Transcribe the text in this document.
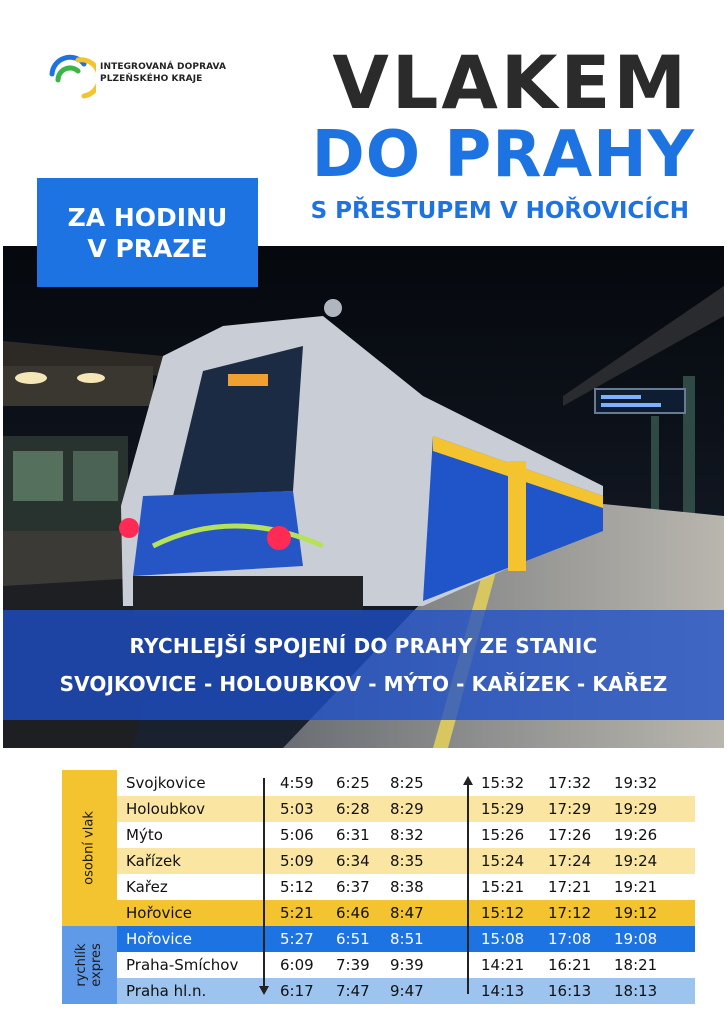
INTEGROVANÁ DOPRAVA
PLZEŇSKÉHO KRAJE	VLAKEM
DO PRAHY
S PŘESTUPEM V HOŘOVICÍCH
ZA HODINU
V PRAZE
RYCHLEJŠÍ SPOJENÍ DO PRAHY ZE STANIC
SVOJKOVICE - HOLOUBKOV - MÝTO - KAŘÍZEK - KAŘEZ
Svojkovice	4:59 6:25 8:25	15:32 17:32 19:32
Holoubkov	5:03 6:28 8:29	15:29 17:29 19:29
Mýto	5:06 6:31 8:32	15:26 17:26 19:26
Kařízek	5:09 6:34 8:35	15:24 17:24 19:24
Kařez	5:12 6:37 8:38	15:21 17:21 19:21
Hořovice	5:21 6:46 8:47	15:12 17:12 19:12
Hořovice	5:27 6:51 8:51	15:08 17:08 19:08
Praha-Smíchov	6:09 7:39 9:39	14:21 16:21 18:21
Praha hl.n.	6:17 7:47 9:47	14:13 16:13 18:13
osobní vlak
rychlík expres
